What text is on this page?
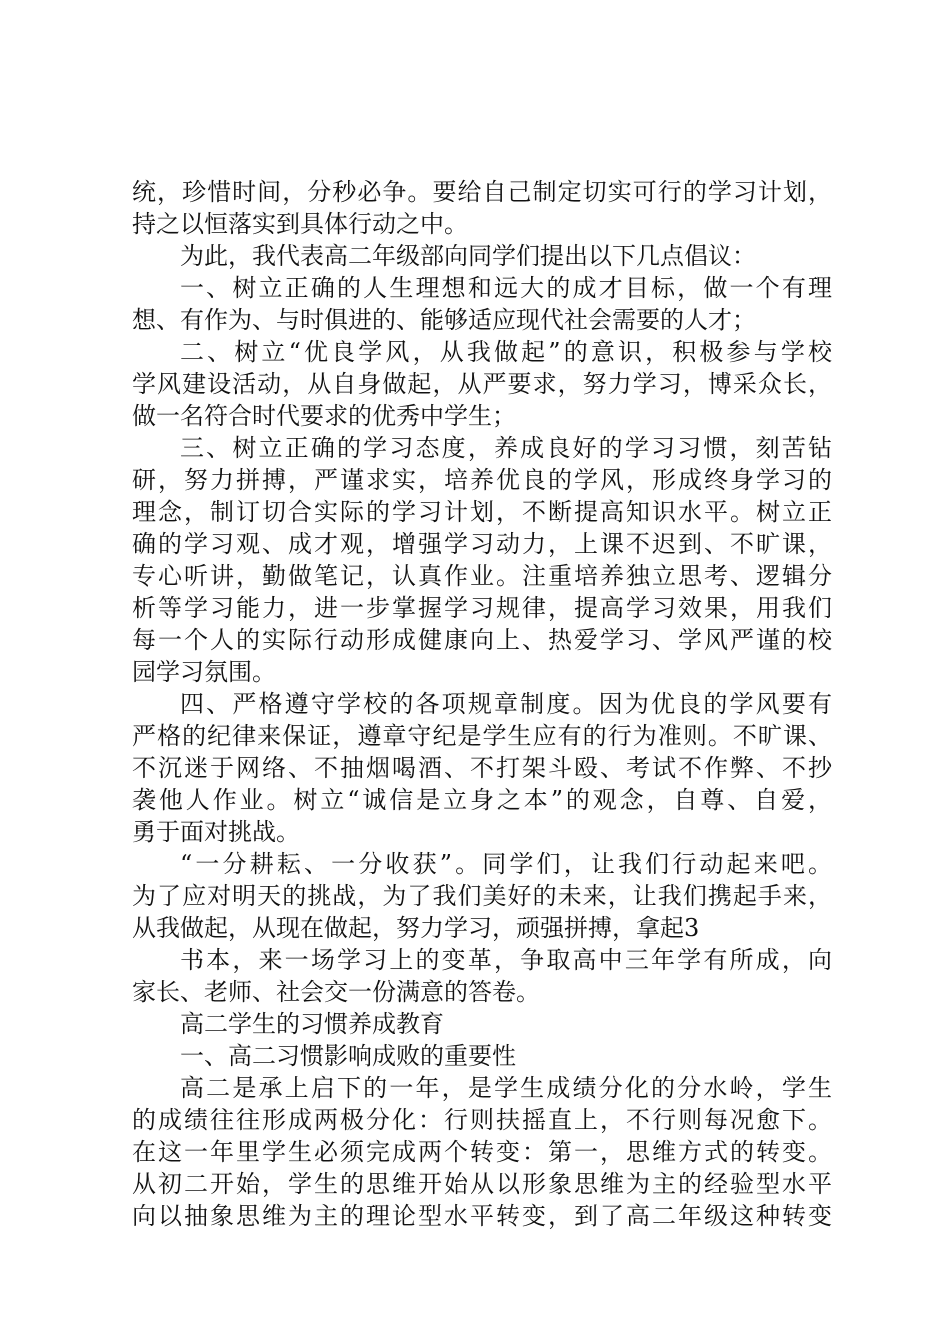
统，珍惜时间，分秒必争。要给自己制定切实可行的学习计划，
持之以恒落实到具体行动之中。
为此，我代表高二年级部向同学们提出以下几点倡议：
一、树立正确的人生理想和远大的成才目标，做一个有理
想、有作为、与时俱进的、能够适应现代社会需要的人才；
二、树立“优良学风，从我做起”的意识，积极参与学校
学风建设活动，从自身做起，从严要求，努力学习，博采众长，
做一名符合时代要求的优秀中学生；
三、树立正确的学习态度，养成良好的学习习惯，刻苦钻
研，努力拼搏，严谨求实，培养优良的学风，形成终身学习的
理念，制订切合实际的学习计划，不断提高知识水平。树立正
确的学习观、成才观，增强学习动力，上课不迟到、不旷课，
专心听讲，勤做笔记，认真作业。注重培养独立思考、逻辑分
析等学习能力，进一步掌握学习规律，提高学习效果，用我们
每一个人的实际行动形成健康向上、热爱学习、学风严谨的校
园学习氛围。
四、严格遵守学校的各项规章制度。因为优良的学风要有
严格的纪律来保证，遵章守纪是学生应有的行为准则。不旷课、
不沉迷于网络、不抽烟喝酒、不打架斗殴、考试不作弊、不抄
袭他人作业。树立“诚信是立身之本”的观念，自尊、自爱，
勇于面对挑战。
“一分耕耘、一分收获”。同学们，让我们行动起来吧。
为了应对明天的挑战，为了我们美好的未来，让我们携起手来，
从我做起，从现在做起，努力学习，顽强拼搏，拿起3
书本，来一场学习上的变革，争取高中三年学有所成，向
家长、老师、社会交一份满意的答卷。
高二学生的习惯养成教育
一、高二习惯影响成败的重要性
高二是承上启下的一年，是学生成绩分化的分水岭，学生
的成绩往往形成两极分化：行则扶摇直上，不行则每况愈下。
在这一年里学生必须完成两个转变：第一，思维方式的转变。
从初二开始，学生的思维开始从以形象思维为主的经验型水平
向以抽象思维为主的理论型水平转变，到了高二年级这种转变
